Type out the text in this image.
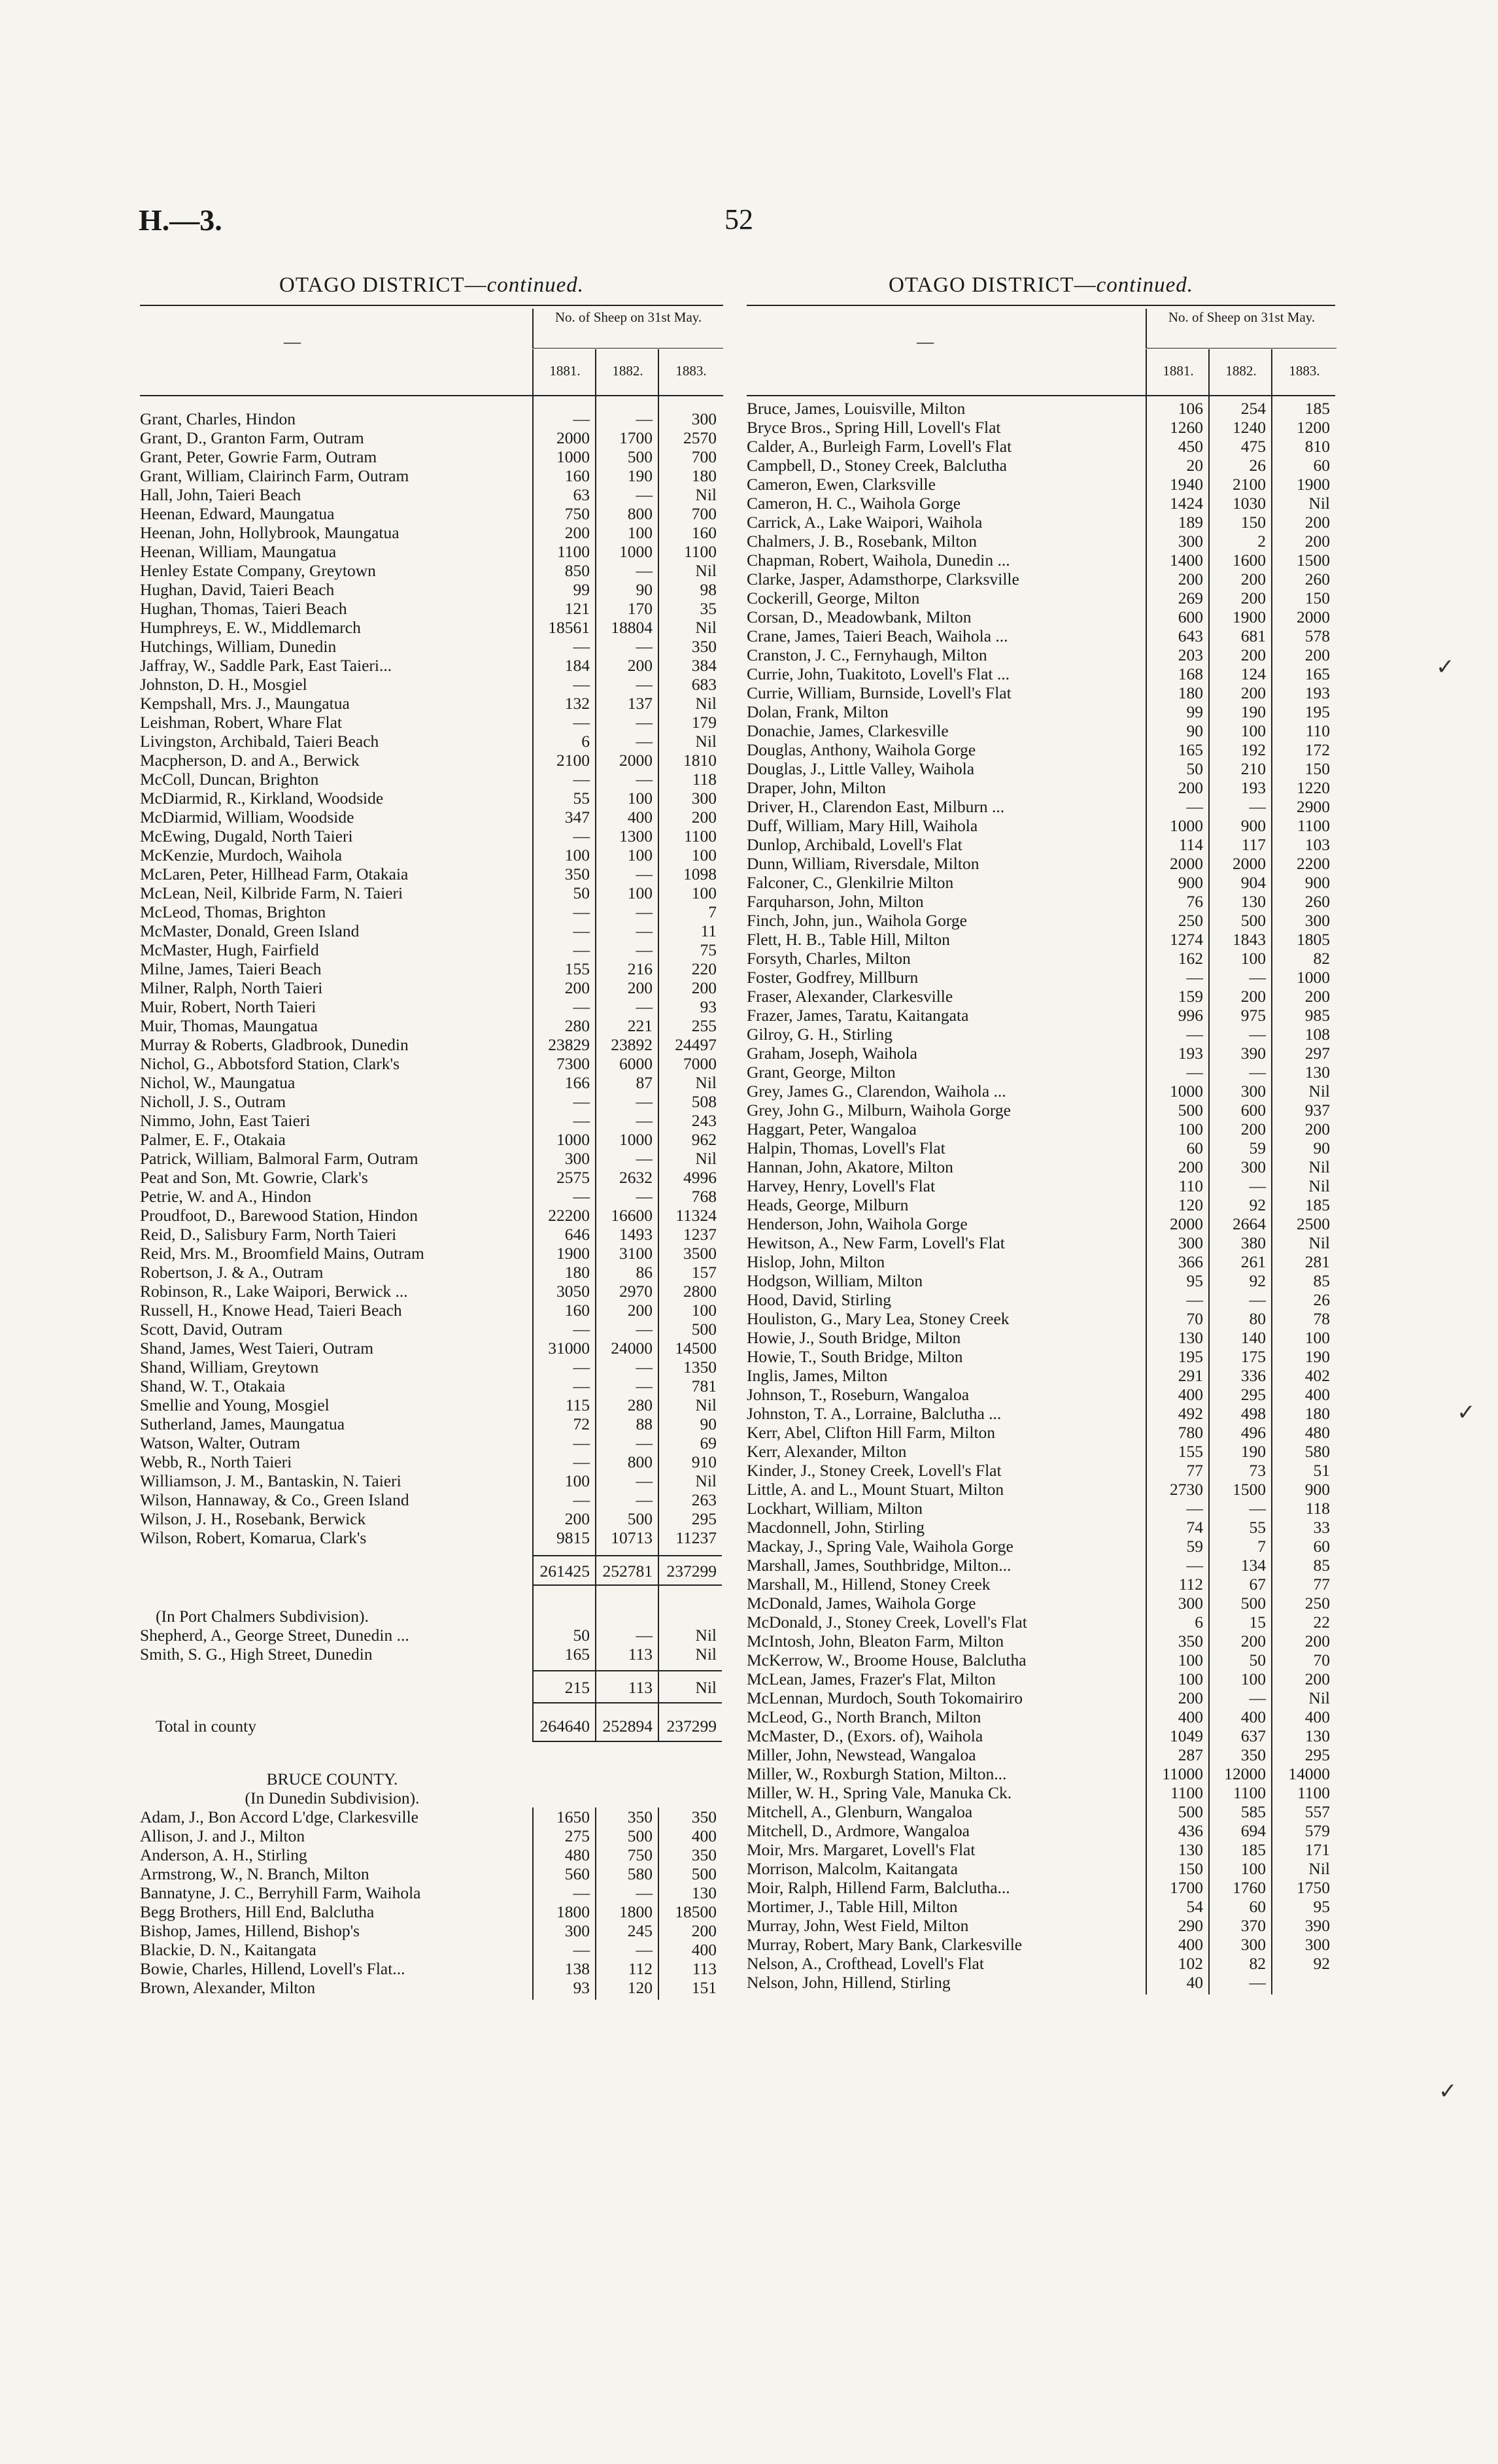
H.—3.	52
OTAGO DISTRICT—continued.
—
No. of Sheep on 31st May.
1881.	1882.	1883.
Grant, Charles, Hindon	—	—	300
Grant, D., Granton Farm, Outram	2000	1700	2570
Grant, Peter, Gowrie Farm, Outram	1000	500	700
Grant, William, Clairinch Farm, Outram	160	190	180
Hall, John, Taieri Beach	63	—	Nil
Heenan, Edward, Maungatua	750	800	700
Heenan, John, Hollybrook, Maungatua	200	100	160
Heenan, William, Maungatua	1100	1000	1100
Henley Estate Company, Greytown	850	—	Nil
Hughan, David, Taieri Beach	99	90	98
Hughan, Thomas, Taieri Beach	121	170	35
Humphreys, E. W., Middlemarch	18561	18804	Nil
Hutchings, William, Dunedin	—	—	350
Jaffray, W., Saddle Park, East Taieri...	184	200	384
Johnston, D. H., Mosgiel	—	—	683
Kempshall, Mrs. J., Maungatua	132	137	Nil
Leishman, Robert, Whare Flat	—	—	179
Livingston, Archibald, Taieri Beach	6	—	Nil
Macpherson, D. and A., Berwick	2100	2000	1810
McColl, Duncan, Brighton	—	—	118
McDiarmid, R., Kirkland, Woodside	55	100	300
McDiarmid, William, Woodside	347	400	200
McEwing, Dugald, North Taieri	—	1300	1100
McKenzie, Murdoch, Waihola	100	100	100
McLaren, Peter, Hillhead Farm, Otakaia	350	—	1098
McLean, Neil, Kilbride Farm, N. Taieri	50	100	100
McLeod, Thomas, Brighton	—	—	7
McMaster, Donald, Green Island	—	—	11
McMaster, Hugh, Fairfield	—	—	75
Milne, James, Taieri Beach	155	216	220
Milner, Ralph, North Taieri	200	200	200
Muir, Robert, North Taieri	—	—	93
Muir, Thomas, Maungatua	280	221	255
Murray & Roberts, Gladbrook, Dunedin	23829	23892	24497
Nichol, G., Abbotsford Station, Clark's	7300	6000	7000
Nichol, W., Maungatua	166	87	Nil
Nicholl, J. S., Outram	—	—	508
Nimmo, John, East Taieri	—	—	243
Palmer, E. F., Otakaia	1000	1000	962
Patrick, William, Balmoral Farm, Outram	300	—	Nil
Peat and Son, Mt. Gowrie, Clark's	2575	2632	4996
Petrie, W. and A., Hindon	—	—	768
Proudfoot, D., Barewood Station, Hindon	22200	16600	11324
Reid, D., Salisbury Farm, North Taieri	646	1493	1237
Reid, Mrs. M., Broomfield Mains, Outram	1900	3100	3500
Robertson, J. & A., Outram	180	86	157
Robinson, R., Lake Waipori, Berwick ...	3050	2970	2800
Russell, H., Knowe Head, Taieri Beach	160	200	100
Scott, David, Outram	—	—	500
Shand, James, West Taieri, Outram	31000	24000	14500
Shand, William, Greytown	—	—	1350
Shand, W. T., Otakaia	—	—	781
Smellie and Young, Mosgiel	115	280	Nil
Sutherland, James, Maungatua	72	88	90
Watson, Walter, Outram	—	—	69
Webb, R., North Taieri	—	800	910
Williamson, J. M., Bantaskin, N. Taieri	100	—	Nil
Wilson, Hannaway, & Co., Green Island	—	—	263
Wilson, J. H., Rosebank, Berwick	200	500	295
Wilson, Robert, Komarua, Clark's	9815	10713	11237
261425 252781 237299
(In Port Chalmers Subdivision).
Shepherd, A., George Street, Dunedin ...	50	—	Nil
Smith, S. G., High Street, Dunedin	165	113	Nil
215	113	Nil
Total in county	264640 252894 237299
BRUCE COUNTY.
(In Dunedin Subdivision).
Adam, J., Bon Accord L'dge, Clarkesville	1650	350	350
Allison, J. and J., Milton	275	500	400
Anderson, A. H., Stirling	480	750	350
Armstrong, W., N. Branch, Milton	560	580	500
Bannatyne, J. C., Berryhill Farm, Waihola	—	—	130
Begg Brothers, Hill End, Balclutha	1800	1800	18500
Bishop, James, Hillend, Bishop's	300	245	200
Blackie, D. N., Kaitangata	—	—	400
Bowie, Charles, Hillend, Lovell's Flat...	138	112	113
Brown, Alexander, Milton	93	120	151
OTAGO DISTRICT—continued.
—
No. of Sheep on 31st May.
1881.	1882.	1883.
Bruce, James, Louisville, Milton	106	254	185
Bryce Bros., Spring Hill, Lovell's Flat	1260	1240	1200
Calder, A., Burleigh Farm, Lovell's Flat	450	475	810
Campbell, D., Stoney Creek, Balclutha	20	26	60
Cameron, Ewen, Clarksville	1940	2100	1900
Cameron, H. C., Waihola Gorge	1424	1030	Nil
Carrick, A., Lake Waipori, Waihola	189	150	200
Chalmers, J. B., Rosebank, Milton	300	2	200
Chapman, Robert, Waihola, Dunedin ...	1400	1600	1500
Clarke, Jasper, Adamsthorpe, Clarksville	200	200	260
Cockerill, George, Milton	269	200	150
Corsan, D., Meadowbank, Milton	600	1900	2000
Crane, James, Taieri Beach, Waihola ...	643	681	578
Cranston, J. C., Fernyhaugh, Milton	203	200	200
Currie, John, Tuakitoto, Lovell's Flat ...	168	124	165
Currie, William, Burnside, Lovell's Flat	180	200	193
Dolan, Frank, Milton	99	190	195
Donachie, James, Clarkesville	90	100	110
Douglas, Anthony, Waihola Gorge	165	192	172
Douglas, J., Little Valley, Waihola	50	210	150
Draper, John, Milton	200	193	1220
Driver, H., Clarendon East, Milburn ...	—	—	2900
Duff, William, Mary Hill, Waihola	1000	900	1100
Dunlop, Archibald, Lovell's Flat	114	117	103
Dunn, William, Riversdale, Milton	2000	2000	2200
Falconer, C., Glenkilrie Milton	900	904	900
Farquharson, John, Milton	76	130	260
Finch, John, jun., Waihola Gorge	250	500	300
Flett, H. B., Table Hill, Milton	1274	1843	1805
Forsyth, Charles, Milton	162	100	82
Foster, Godfrey, Millburn	—	—	1000
Fraser, Alexander, Clarkesville	159	200	200
Frazer, James, Taratu, Kaitangata	996	975	985
Gilroy, G. H., Stirling	—	—	108
Graham, Joseph, Waihola	193	390	297
Grant, George, Milton	—	—	130
Grey, James G., Clarendon, Waihola ...	1000	300	Nil
Grey, John G., Milburn, Waihola Gorge	500	600	937
Haggart, Peter, Wangaloa	100	200	200
Halpin, Thomas, Lovell's Flat	60	59	90
Hannan, John, Akatore, Milton	200	300	Nil
Harvey, Henry, Lovell's Flat	110	—	Nil
Heads, George, Milburn	120	92	185
Henderson, John, Waihola Gorge	2000	2664	2500
Hewitson, A., New Farm, Lovell's Flat	300	380	Nil
Hislop, John, Milton	366	261	281
Hodgson, William, Milton	95	92	85
Hood, David, Stirling	—	—	26
Houliston, G., Mary Lea, Stoney Creek	70	80	78
Howie, J., South Bridge, Milton	130	140	100
Howie, T., South Bridge, Milton	195	175	190
Inglis, James, Milton	291	336	402
Johnson, T., Roseburn, Wangaloa	400	295	400
Johnston, T. A., Lorraine, Balclutha ...	492	498	180
Kerr, Abel, Clifton Hill Farm, Milton	780	496	480
Kerr, Alexander, Milton	155	190	580
Kinder, J., Stoney Creek, Lovell's Flat	77	73	51
Little, A. and L., Mount Stuart, Milton	2730	1500	900
Lockhart, William, Milton	—	—	118
Macdonnell, John, Stirling	74	55	33
Mackay, J., Spring Vale, Waihola Gorge	59	7	60
Marshall, James, Southbridge, Milton...	—	134	85
Marshall, M., Hillend, Stoney Creek	112	67	77
McDonald, James, Waihola Gorge	300	500	250
McDonald, J., Stoney Creek, Lovell's Flat	6	15	22
McIntosh, John, Bleaton Farm, Milton	350	200	200
McKerrow, W., Broome House, Balclutha	100	50	70
McLean, James, Frazer's Flat, Milton	100	100	200
McLennan, Murdoch, South Tokomairiro	200	—	Nil
McLeod, G., North Branch, Milton	400	400	400
McMaster, D., (Exors. of), Waihola	1049	637	130
Miller, John, Newstead, Wangaloa	287	350	295
Miller, W., Roxburgh Station, Milton...	11000	12000	14000
Miller, W. H., Spring Vale, Manuka Ck.	1100	1100	1100
Mitchell, A., Glenburn, Wangaloa	500	585	557
Mitchell, D., Ardmore, Wangaloa	436	694	579
Moir, Mrs. Margaret, Lovell's Flat	130	185	171
Morrison, Malcolm, Kaitangata	150	100	Nil
Moir, Ralph, Hillend Farm, Balclutha...	1700	1760	1750
Mortimer, J., Table Hill, Milton	54	60	95
Murray, John, West Field, Milton	290	370	390
Murray, Robert, Mary Bank, Clarkesville	400	300	300
Nelson, A., Crofthead, Lovell's Flat	102	82	92
Nelson, John, Hillend, Stirling	40	—
✓
✓
✓
